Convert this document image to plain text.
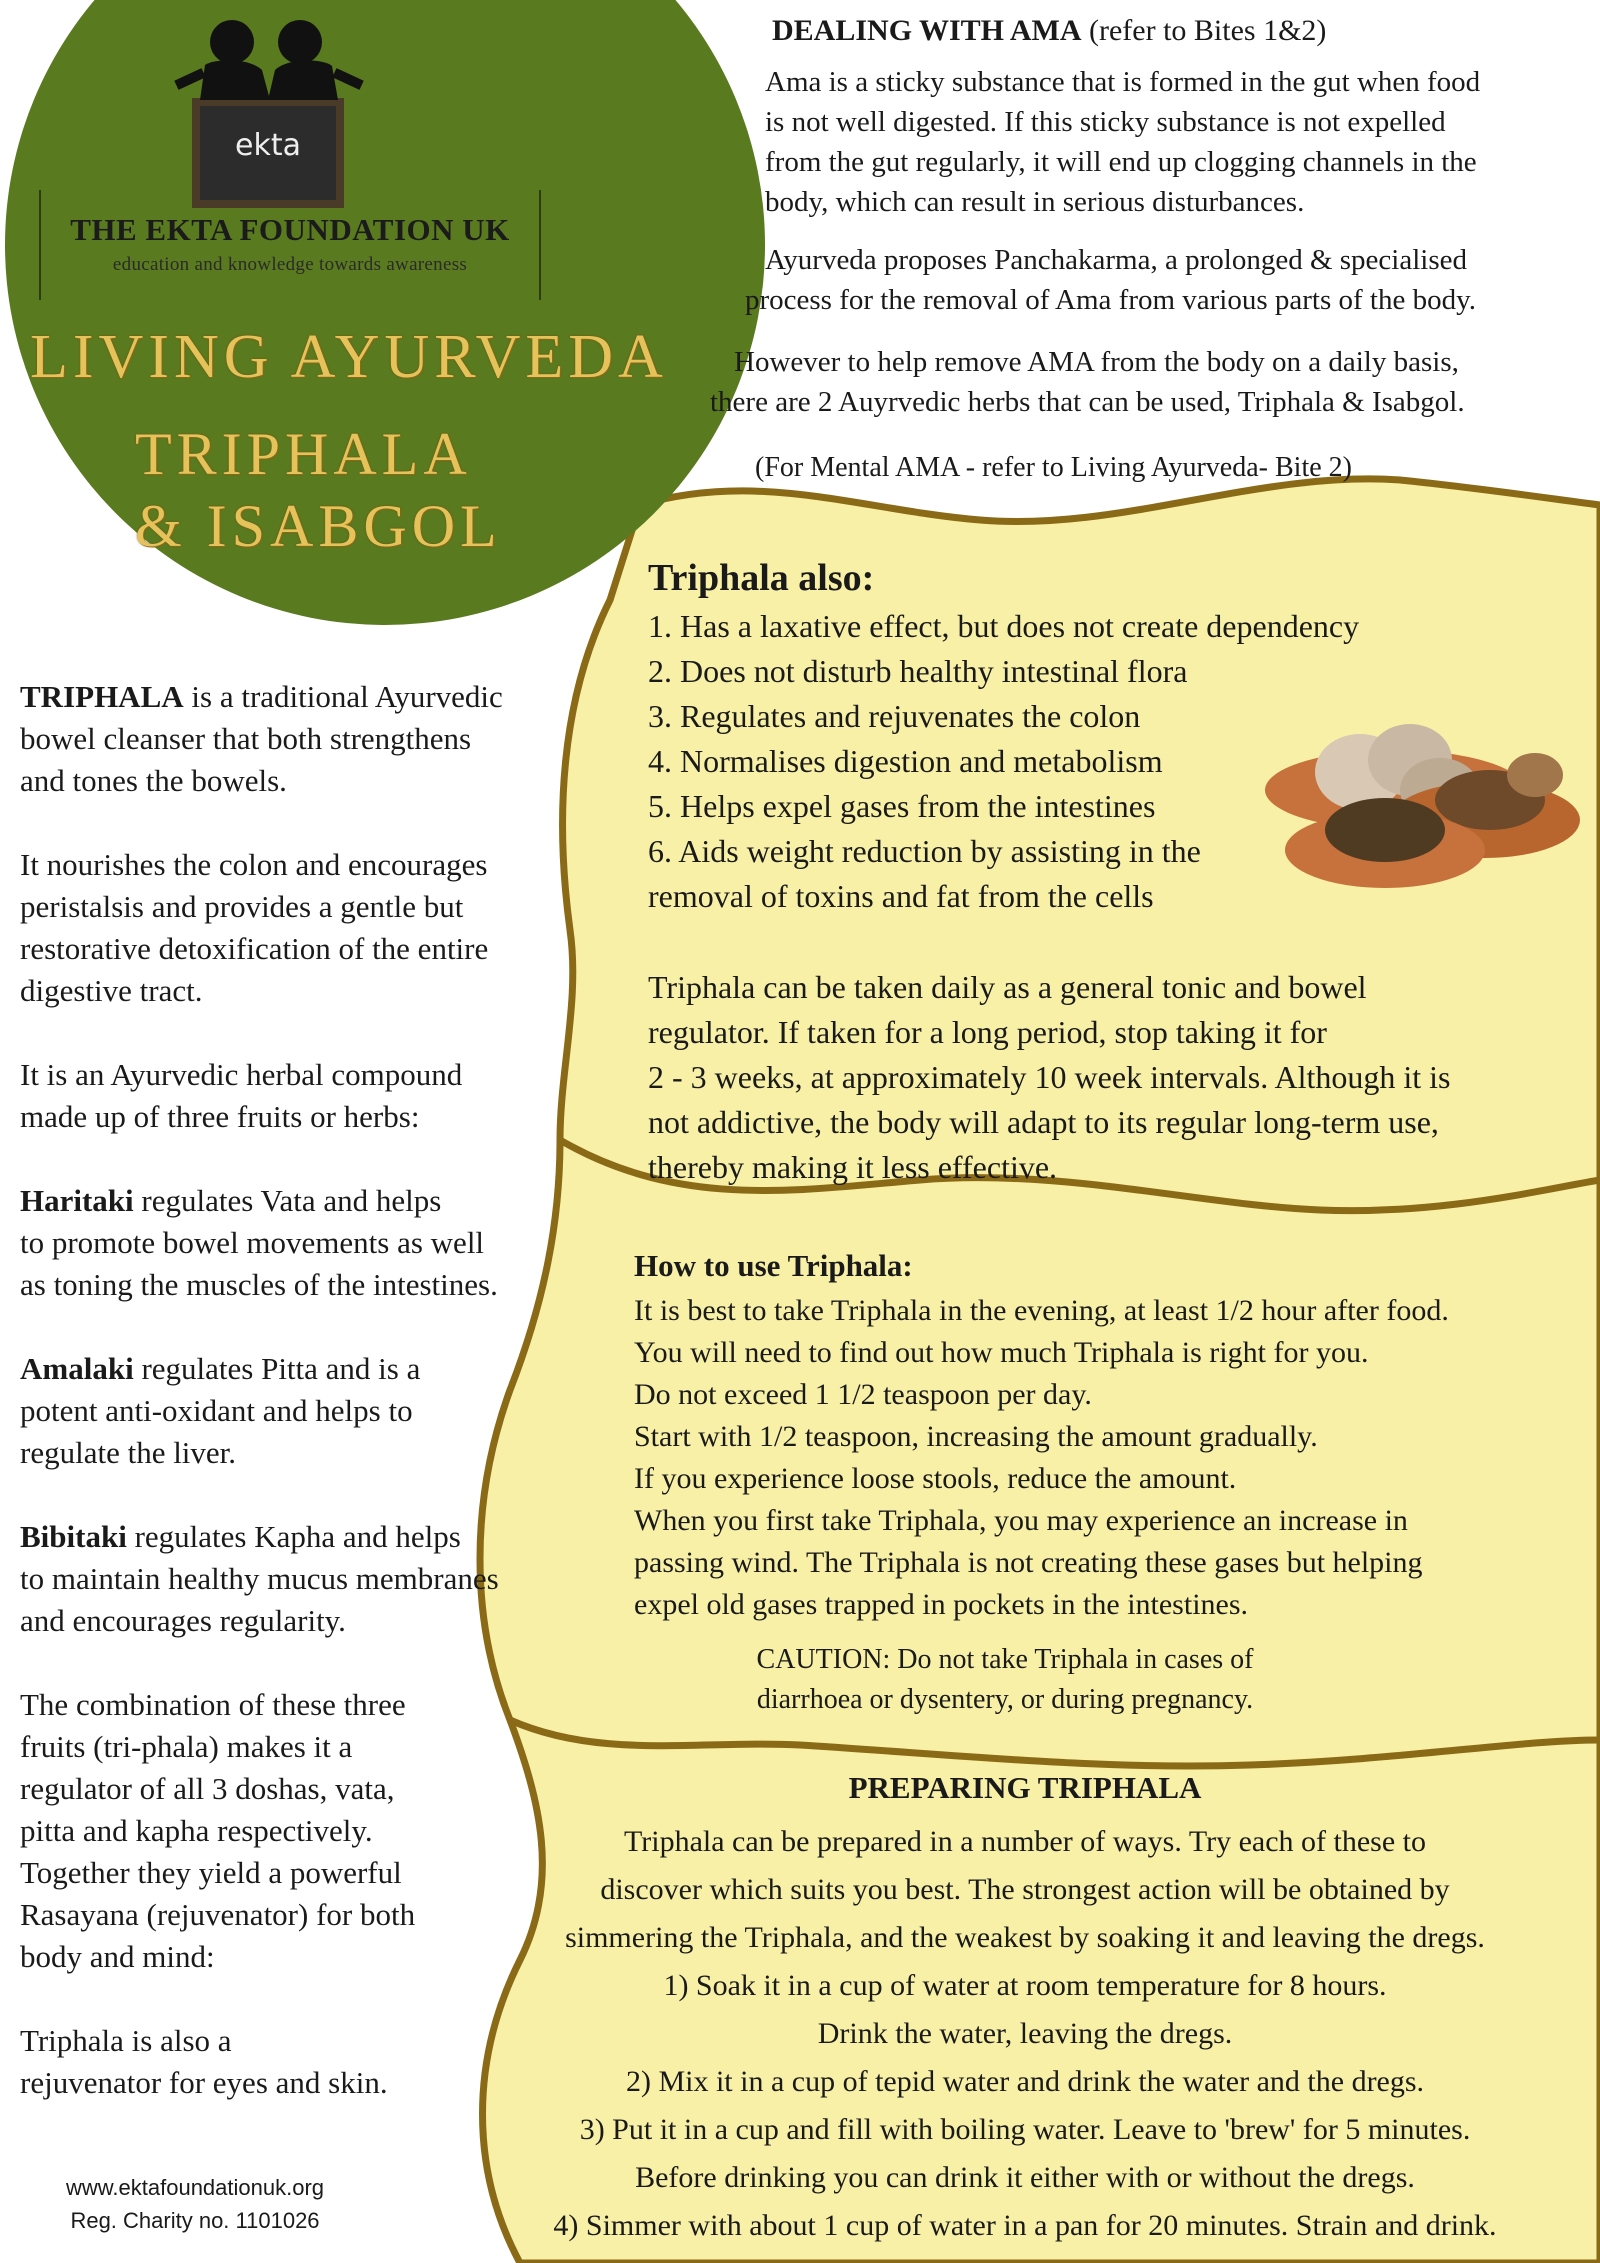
ekta
THE EKTA FOUNDATION UK
education and knowledge towards awareness
LIVING AYURVEDA
TRIPHALA
& ISABGOL
DEALING WITH AMA (refer to Bites 1&2)
Ama is a sticky substance that is formed in the gut when food
is not well digested. If this sticky substance is not expelled
from the gut regularly, it will end up clogging channels in the
body, which can result in serious disturbances.
Ayurveda proposes Panchakarma, a prolonged & specialised
process for the removal of Ama from various parts of the body.
However to help remove AMA from the body on a daily basis,
there are 2 Auyrvedic herbs that can be used, Triphala & Isabgol.
(For Mental AMA - refer to Living Ayurveda- Bite 2)
TRIPHALA is a traditional Ayurvedic
bowel cleanser that both strengthens
and tones the bowels.
It nourishes the colon and encourages
peristalsis and provides a gentle but
restorative detoxification of the entire
digestive tract.
It is an Ayurvedic herbal compound
made up of three fruits or herbs:
Haritaki regulates Vata and helps
to promote bowel movements as well
as toning the muscles of the intestines.
Amalaki regulates Pitta and is a
potent anti-oxidant and helps to
regulate the liver.
Bibitaki regulates Kapha and helps
to maintain healthy mucus membranes
and encourages regularity.
The combination of these three
fruits (tri-phala) makes it a
regulator of all 3 doshas, vata,
pitta and kapha respectively.
Together they yield a powerful
Rasayana (rejuvenator) for both
body and mind:
Triphala is also a
rejuvenator for eyes and skin.
www.ektafoundationuk.org
Reg. Charity no. 1101026
Triphala also:
1. Has a laxative effect, but does not create dependency
2. Does not disturb healthy intestinal flora
3. Regulates and rejuvenates the colon
4. Normalises digestion and metabolism
5. Helps expel gases from the intestines
6. Aids weight reduction by assisting in the
removal of toxins and fat from the cells
Triphala can be taken daily as a general tonic and bowel
regulator. If taken for a long period, stop taking it for
2 - 3 weeks, at approximately 10 week intervals. Although it is
not addictive, the body will adapt to its regular long-term use,
thereby making it less effective.
How to use Triphala:
It is best to take Triphala in the evening, at least 1/2 hour after food.
You will need to find out how much Triphala is right for you.
Do not exceed 1 1/2 teaspoon per day.
Start with 1/2 teaspoon, increasing the amount gradually.
If you experience loose stools, reduce the amount.
When you first take Triphala, you may experience an increase in
passing wind. The Triphala is not creating these gases but helping
expel old gases trapped in pockets in the intestines.
CAUTION: Do not take Triphala in cases of
diarrhoea or dysentery, or during pregnancy.
PREPARING TRIPHALA
Triphala can be prepared in a number of ways. Try each of these to
discover which suits you best. The strongest action will be obtained by
simmering the Triphala, and the weakest by soaking it and leaving the dregs.
1) Soak it in a cup of water at room temperature for 8 hours.
Drink the water, leaving the dregs.
2) Mix it in a cup of tepid water and drink the water and the dregs.
3) Put it in a cup and fill with boiling water. Leave to 'brew' for 5 minutes.
Before drinking you can drink it either with or without the dregs.
4) Simmer with about 1 cup of water in a pan for 20 minutes. Strain and drink.
